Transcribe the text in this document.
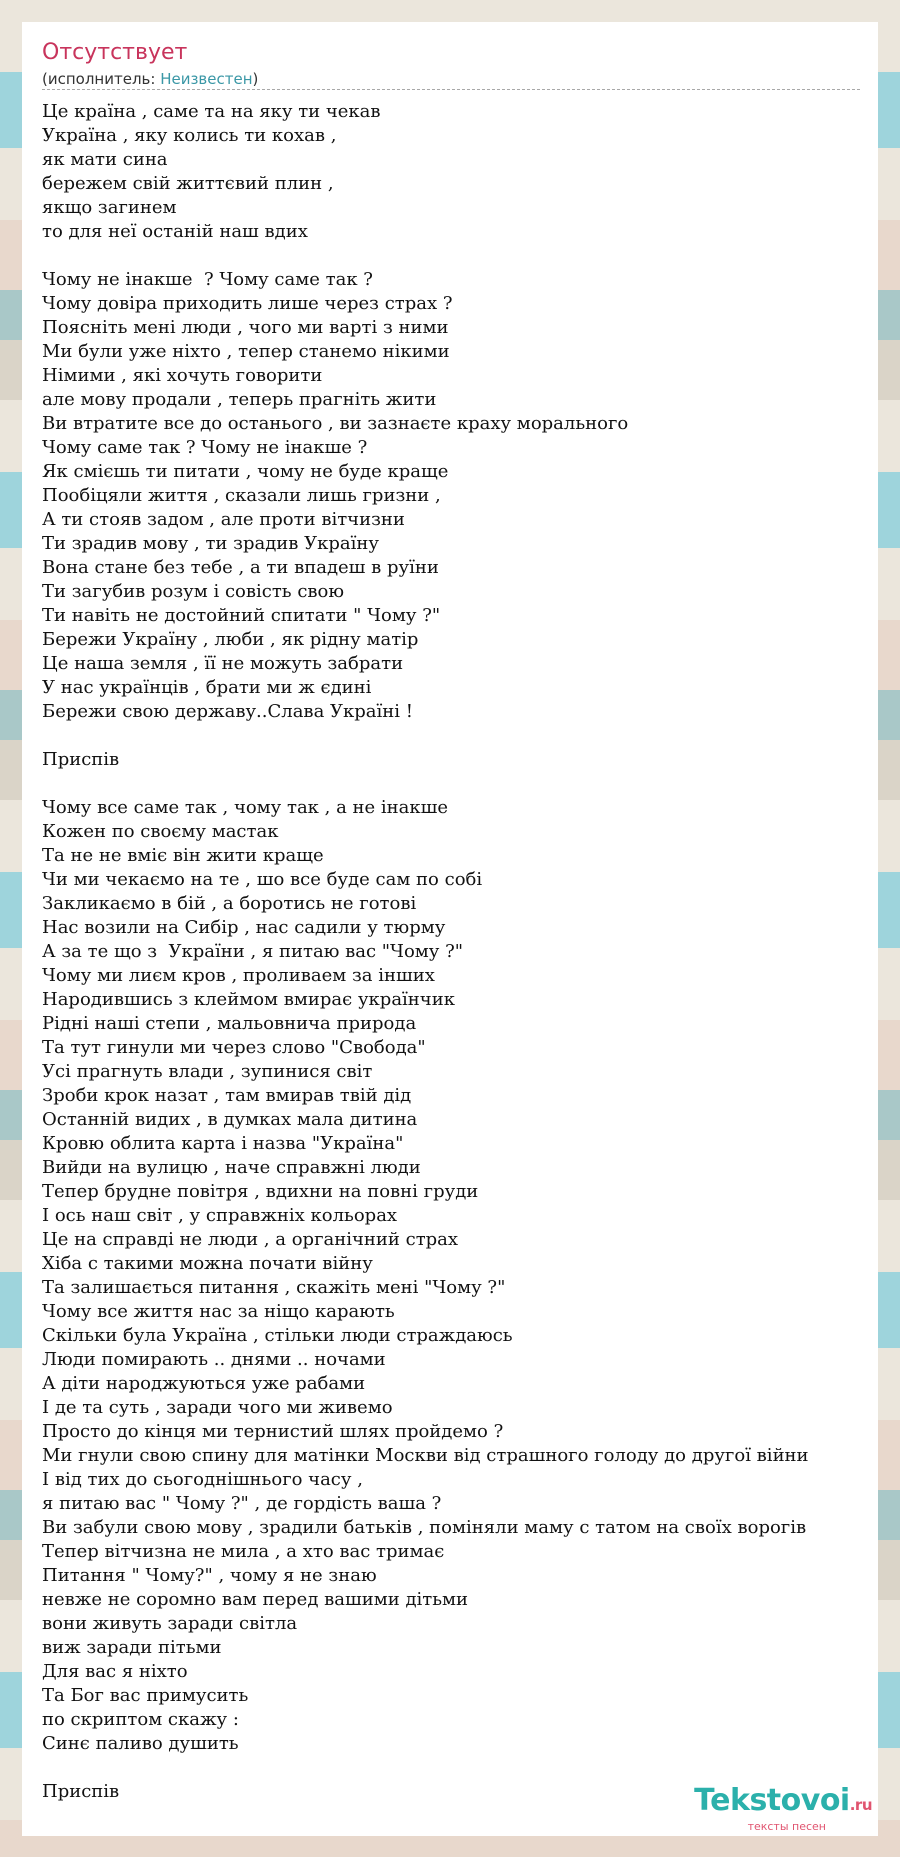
Отсутствует
(исполнитель: Неизвестен)
Це країна , саме та на яку ти чекав
Україна , яку колись ти кохав ,
як мати сина
бережем свій життєвий плин ,
якщо загинем
то для неї останій наш вдих
Чому не інакше  ? Чому саме так ?
Чому довіра приходить лише через страх ?
Поясніть мені люди , чого ми варті з ними
Ми були уже ніхто , тепер станемо нікими
Німими , які хочуть говорити
але мову продали , теперь прагніть жити
Ви втратите все до останього , ви зазнаєте краху морального
Чому саме так ? Чому не інакше ?
Як смієшь ти питати , чому не буде краще
Пообіцяли життя , сказали лишь гризни ,
А ти стояв задом , але проти вітчизни
Ти зрадив мову , ти зрадив Україну
Вона стане без тебе , а ти впадеш в руїни
Ти загубив розум і совість свою
Ти навіть не достойний спитати " Чому ?"
Бережи Україну , люби , як рідну матір
Це наша земля , її не можуть забрати
У нас українців , брати ми ж єдині
Бережи свою державу..Слава Україні !
Приспів
Чому все саме так , чому так , а не інакше
Кожен по своєму мастак
Та не не вміє він жити краще
Чи ми чекаємо на те , шо все буде сам по собі
Закликаємо в бій , а боротись не готові
Нас возили на Сибір , нас садили у тюрму
А за те що з  України , я питаю вас "Чому ?"
Чому ми лиєм кров , проливаем за інших
Народившись з клеймом вмирає українчик
Рідні наші степи , мальовнича природа
Та тут гинули ми через слово "Свобода"
Усі прагнуть влади , зупинися світ
Зроби крок назат , там вмирав твій дід
Останній видих , в думках мала дитина
Кровю облита карта і назва "Україна"
Вийди на вулицю , наче справжні люди
Тепер брудне повітря , вдихни на повні груди
І ось наш світ , у справжніх кольорах
Це на справді не люди , а органічний страх
Хіба с такими можна почати війну
Та залишається питання , скажіть мені "Чому ?"
Чому все життя нас за ніщо карають
Скільки була Україна , стільки люди страждаюсь
Люди помирають .. днями .. ночами
А діти народжуються уже рабами
І де та суть , заради чого ми живемо
Просто до кінця ми тернистий шлях пройдемо ?
Ми гнули свою спину для матінки Москви від страшного голоду до другої війни
І від тих до сьогоднішнього часу ,
я питаю вас " Чому ?" , де гордість ваша ?
Ви забули свою мову , зрадили батьків , поміняли маму с татом на своїх ворогів
Тепер вітчизна не мила , а хто вас тримає
Питання " Чому?" , чому я не знаю
невже не соромно вам перед вашими дітьми
вони живуть заради світла
виж заради пітьми
Для вас я ніхто
Та Бог вас примусить
по скриптом скажу :
Синє паливо душить
Приспів	Tekstovoi.ru
тексты песен
